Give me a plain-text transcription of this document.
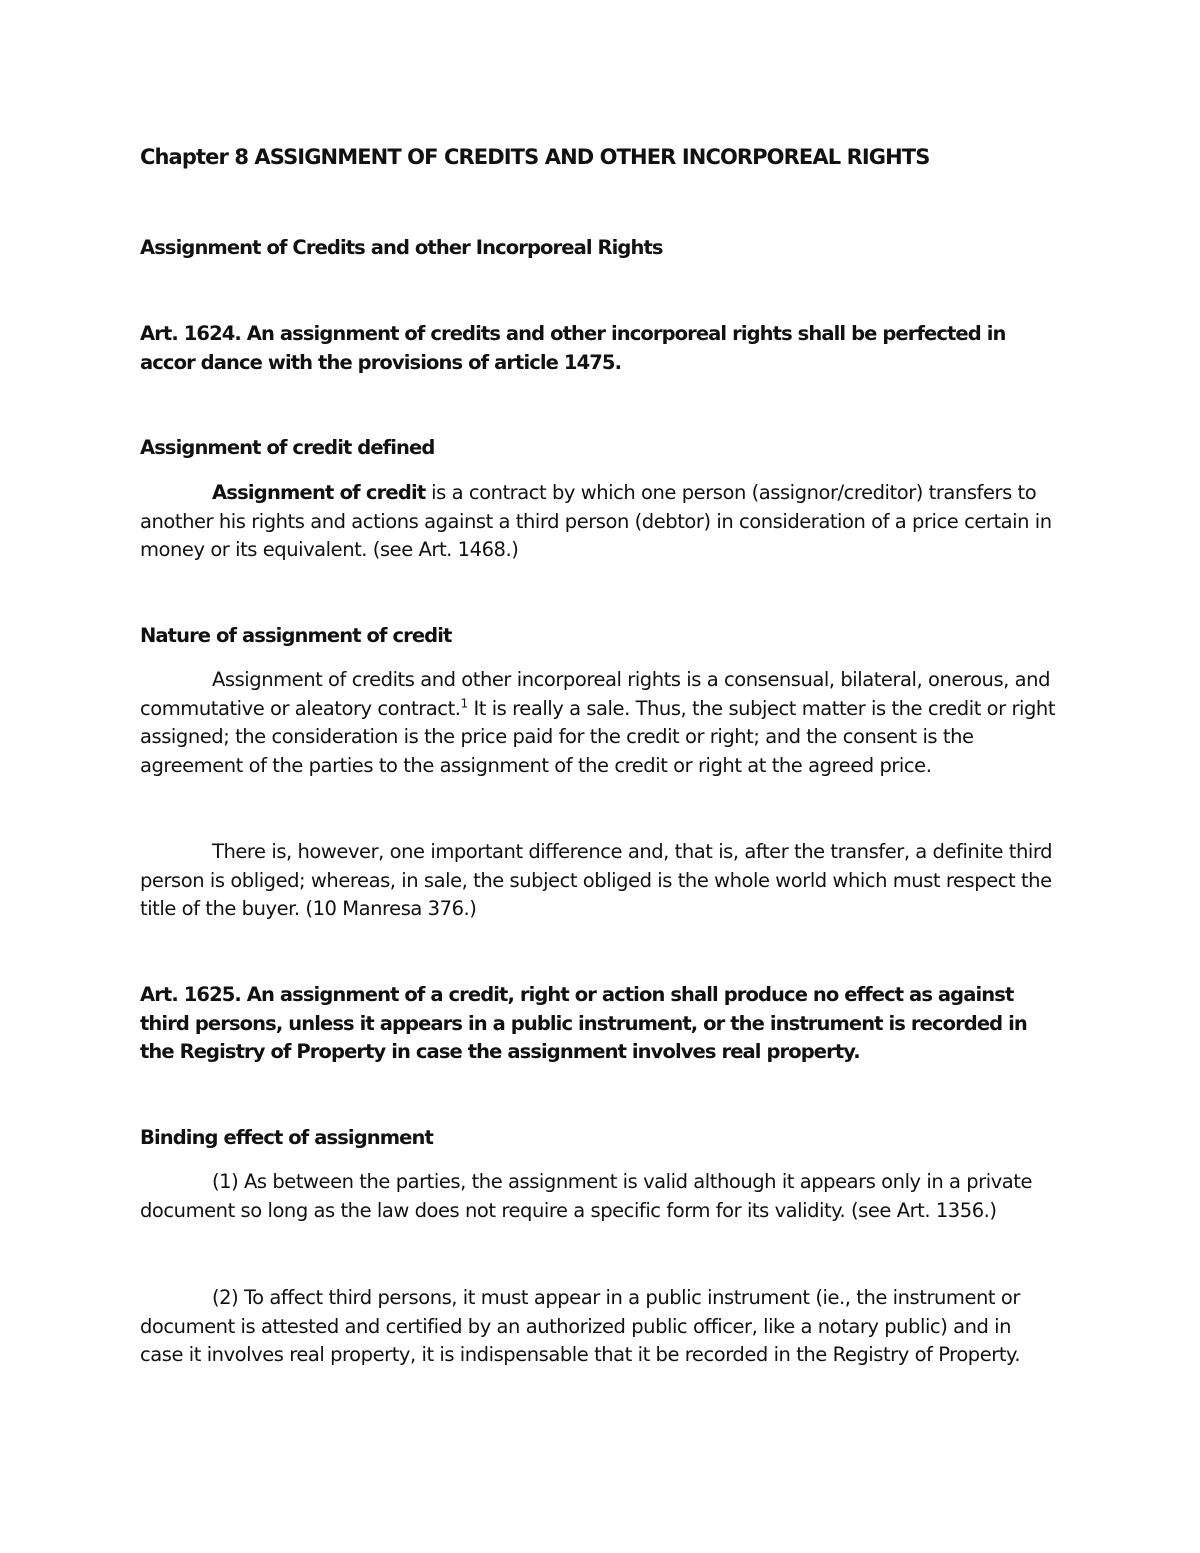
Chapter 8 ASSIGNMENT OF CREDITS AND OTHER INCORPOREAL RIGHTS

Assignment of Credits and other Incorporeal Rights

Art. 1624. An assignment of credits and other incorporeal rights shall be perfected in accor dance with the provisions of article 1475.

Assignment of credit defined

Assignment of credit is a contract by which one person (assignor/creditor) transfers to another his rights and actions against a third person (debtor) in consideration of a price certain in money or its equivalent. (see Art. 1468.)

Nature of assignment of credit

Assignment of credits and other incorporeal rights is a consensual, bilateral, onerous, and commutative or aleatory contract.$^1$ It is really a sale. Thus, the subject matter is the credit or right assigned; the consideration is the price paid for the credit or right; and the consent is the agreement of the parties to the assignment of the credit or right at the agreed price.

There is, however, one important difference and, that is, after the transfer, a definite third person is obliged; whereas, in sale, the subject obliged is the whole world which must respect the title of the buyer. (10 Manresa 376.)

Art. 1625. An assignment of a credit, right or action shall produce no effect as against third persons, unless it appears in a public instrument, or the instrument is recorded in the Registry of Property in case the assignment involves real property.

Binding effect of assignment

(1) As between the parties, the assignment is valid although it appears only in a private document so long as the law does not require a specific form for its validity. (see Art. 1356.)

(2) To affect third persons, it must appear in a public instrument (ie., the instrument or document is attested and certified by an authorized public officer, like a notary public) and in case it involves real property, it is indispensable that it be recorded in the Registry of Property.
